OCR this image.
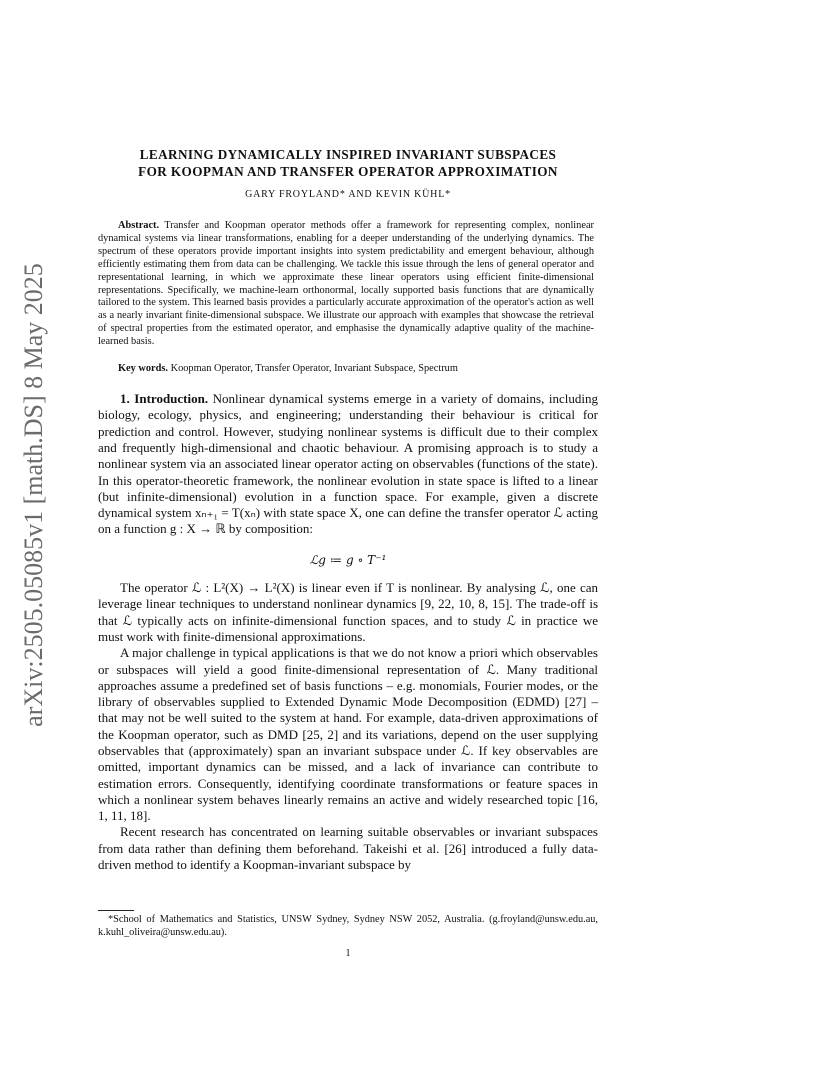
arXiv:2505.05085v1 [math.DS] 8 May 2025
LEARNING DYNAMICALLY INSPIRED INVARIANT SUBSPACES
FOR KOOPMAN AND TRANSFER OPERATOR APPROXIMATION
GARY FROYLAND* AND KEVIN KÜHL*
Abstract. Transfer and Koopman operator methods offer a framework for representing complex, nonlinear dynamical systems via linear transformations, enabling for a deeper understanding of the underlying dynamics. The spectrum of these operators provide important insights into system predictability and emergent behaviour, although efficiently estimating them from data can be challenging. We tackle this issue through the lens of general operator and representational learning, in which we approximate these linear operators using efficient finite-dimensional representations. Specifically, we machine-learn orthonormal, locally supported basis functions that are dynamically tailored to the system. This learned basis provides a particularly accurate approximation of the operator's action as well as a nearly invariant finite-dimensional subspace. We illustrate our approach with examples that showcase the retrieval of spectral properties from the estimated operator, and emphasise the dynamically adaptive quality of the machine-learned basis.
Key words. Koopman Operator, Transfer Operator, Invariant Subspace, Spectrum

1. Introduction. Nonlinear dynamical systems emerge in a variety of domains, including biology, ecology, physics, and engineering; understanding their behaviour is critical for prediction and control. However, studying nonlinear systems is difficult due to their complex and frequently high-dimensional and chaotic behaviour. A promising approach is to study a nonlinear system via an associated linear operator acting on observables (functions of the state). In this operator-theoretic framework, the nonlinear evolution in state space is lifted to a linear (but infinite-dimensional) evolution in a function space. For example, given a discrete dynamical system xₙ₊₁ = T(xₙ) with state space X, one can define the transfer operator ℒ acting on a function g : X → ℝ by composition:

ℒg ≔ g ∘ T⁻¹

The operator ℒ : L²(X) → L²(X) is linear even if T is nonlinear. By analysing ℒ, one can leverage linear techniques to understand nonlinear dynamics [9, 22, 10, 8, 15]. The trade-off is that ℒ typically acts on infinite-dimensional function spaces, and to study ℒ in practice we must work with finite-dimensional approximations.

A major challenge in typical applications is that we do not know a priori which observables or subspaces will yield a good finite-dimensional representation of ℒ. Many traditional approaches assume a predefined set of basis functions – e.g. monomials, Fourier modes, or the library of observables supplied to Extended Dynamic Mode Decomposition (EDMD) [27] – that may not be well suited to the system at hand. For example, data-driven approximations of the Koopman operator, such as DMD [25, 2] and its variations, depend on the user supplying observables that (approximately) span an invariant subspace under ℒ. If key observables are omitted, important dynamics can be missed, and a lack of invariance can contribute to estimation errors. Consequently, identifying coordinate transformations or feature spaces in which a nonlinear system behaves linearly remains an active and widely researched topic [16, 1, 11, 18].

Recent research has concentrated on learning suitable observables or invariant subspaces from data rather than defining them beforehand. Takeishi et al. [26] introduced a fully data-driven method to identify a Koopman-invariant subspace by

*School of Mathematics and Statistics, UNSW Sydney, Sydney NSW 2052, Australia. (g.froyland@unsw.edu.au, k.kuhl_oliveira@unsw.edu.au).
1
